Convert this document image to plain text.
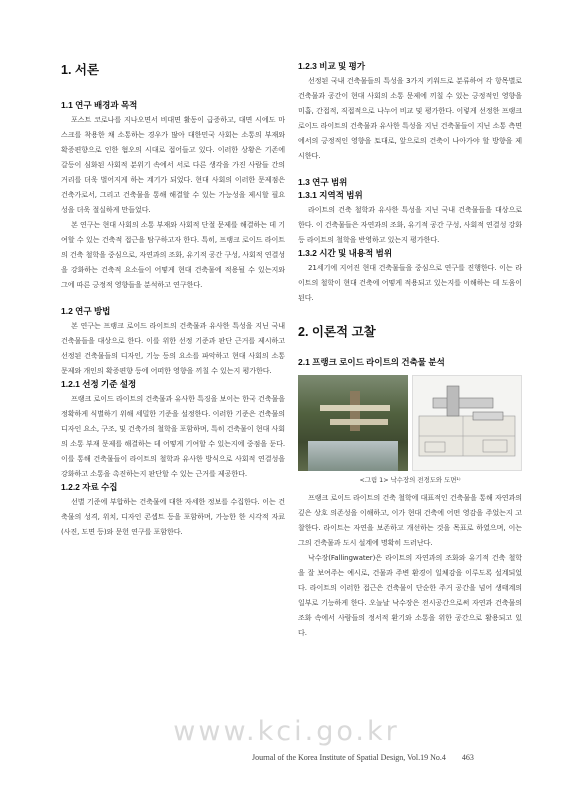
1. 서론
1.1 연구 배경과 목적

포스트 코로나를 지나오면서 비대면 활동이 급증하고, 대면 시에도 마스크를 착용한 채 소통하는 경우가 많아 대한민국 사회는 소통의 부재와 확증편향으로 인한 혐오의 시대로 접어들고 있다. 이러한 상황은 기존에 갈등이 심화된 사회적 분위기 속에서 서로 다른 생각을 가진 사람들 간의 거리를 더욱 벌어지게 하는 계기가 되었다. 현대 사회의 이러한 문제점은 건축가로서, 그리고 건축물을 통해 해결할 수 있는 가능성을 제시할 필요성을 더욱 절실하게 만들었다.

본 연구는 현대 사회의 소통 부재와 사회적 단절 문제를 해결하는 데 기여할 수 있는 건축적 접근을 탐구하고자 한다. 특히, 프랭크 로이드 라이트의 건축 철학을 중심으로, 자연과의 조화, 유기적 공간 구성, 사회적 연결성을 강화하는 건축적 요소들이 어떻게 현대 건축물에 적용될 수 있는지와 그에 따른 긍정적 영향들을 분석하고 연구한다.

1.2 연구 방법

본 연구는 프랭크 로이드 라이트의 건축물과 유사한 특성을 지닌 국내 건축물들을 대상으로 한다. 이를 위한 선정 기준과 판단 근거를 제시하고 선정된 건축물들의 디자인, 기능 등의 요소를 파악하고 현대 사회의 소통 문제와 개인의 확증편향 등에 어떠한 영향을 끼칠 수 있는지 평가한다.

1.2.1 선정 기준 설정

프랭크 로이드 라이트의 건축물과 유사한 특징을 보이는 한국 건축물을 정확하게 식별하기 위해 세밀한 기준을 설정한다. 이러한 기준은 건축물의 디자인 요소, 구조, 및 건축가의 철학을 포함하며, 특히 건축물이 현대 사회의 소통 부재 문제를 해결하는 데 어떻게 기여할 수 있는지에 중점을 둔다. 이를 통해 건축물들이 라이트의 철학과 유사한 방식으로 사회적 연결성을 강화하고 소통을 촉진하는지 판단할 수 있는 근거를 제공한다.

1.2.2 자료 수집

선별 기준에 부합하는 건축물에 대한 자세한 정보를 수집한다. 이는 건축물의 성격, 위치, 디자인 콘셉트 등을 포함하며, 가능한 한 시각적 자료(사진, 도면 등)와 문헌 연구를 포함한다.

1.2.3 비교 및 평가

선정된 국내 건축물들의 특성을 3가지 키워드로 분류하여 각 항목별로 건축물과 공간이 현대 사회의 소통 문제에 끼칠 수 있는 긍정적인 영향을 미흡, 간접적, 직접적으로 나누어 비교 및 평가한다. 이렇게 선정한 프랭크 로이드 라이트의 건축물과 유사한 특성을 지닌 건축물들이 지닌 소통 측면에서의 긍정적인 영향을 토대로, 앞으로의 건축이 나아가야 할 방향을 제시한다.

1.3 연구 범위
1.3.1 지역적 범위

라이트의 건축 철학과 유사한 특성을 지닌 국내 건축물들을 대상으로 한다. 이 건축물들은 자연과의 조화, 유기적 공간 구성, 사회적 연결성 강화 등 라이트의 철학을 반영하고 있는지 평가한다.

1.3.2 시간 및 내용적 범위

21세기에 지어진 현대 건축물들을 중심으로 연구를 진행한다. 이는 라이트의 철학이 현대 건축에 어떻게 적용되고 있는지를 이해하는 데 도움이 된다.

2. 이론적 고찰
2.1 프랭크 로이드 라이트의 건축물 분석
<그림 1> 낙수장의 전경도와 도면¹⁾

프랭크 로이드 라이트의 건축 철학에 대표적인 건축물을 통해 자연과의 깊은 상호 의존성을 이해하고, 이가 현대 건축에 어떤 영감을 주었는지 고찰한다. 라이트는 자연을 보존하고 개선하는 것을 목표로 하였으며, 이는 그의 건축물과 도시 설계에 명확히 드러난다.

낙수장(Fallingwater)은 라이트의 자연과의 조화와 유기적 건축 철학을 잘 보여주는 예시로, 건물과 주변 환경이 일체감을 이루도록 설계되었다. 라이트의 이러한 접근은 건축물이 단순한 주거 공간을 넘어 생태계의 일부로 기능하게 한다. 오늘날 낙수장은 전시공간으로써 자연과 건축물의 조화 속에서 사람들의 정서적 환기와 소통을 위한 공간으로 활용되고 있다.

www.kci.go.kr
Journal of the Korea Institute of Spatial Design, Vol.19 No.4 463
